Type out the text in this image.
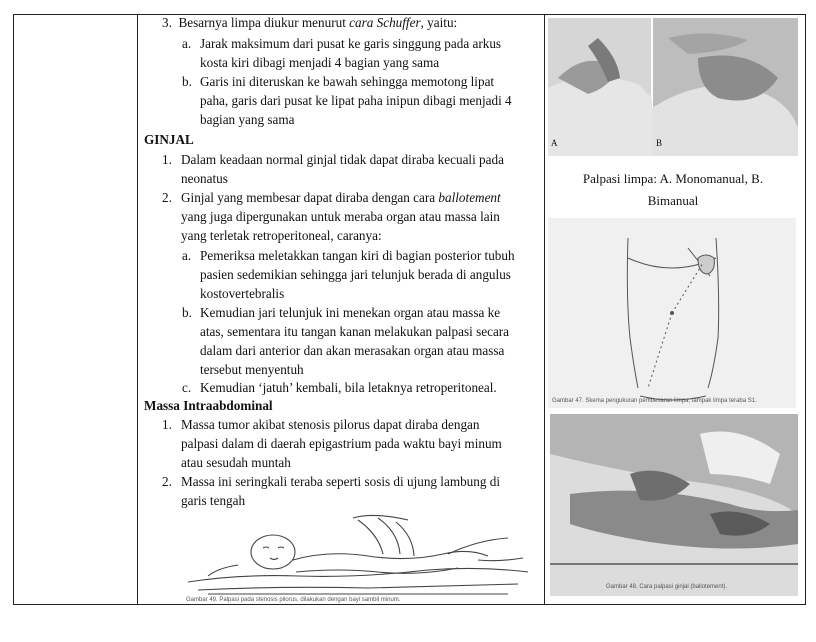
3. Besarnya limpa diukur menurut cara Schuffer, yaitu:
a. Jarak maksimum dari pusat ke garis singgung pada arkus
kosta kiri dibagi menjadi 4 bagian yang sama
b. Garis ini diteruskan ke bawah sehingga memotong lipat
paha, garis dari pusat ke lipat paha inipun dibagi menjadi 4
bagian yang sama
GINJAL
1. Dalam keadaan normal ginjal tidak dapat diraba kecuali pada
neonatus
2. Ginjal yang membesar dapat diraba dengan cara ballotement
yang juga dipergunakan untuk meraba organ atau massa lain
yang terletak retroperitoneal, caranya:
a. Pemeriksa meletakkan tangan kiri di bagian posterior tubuh
pasien sedemikian sehingga jari telunjuk berada di angulus
kostovertebralis
b. Kemudian jari telunjuk ini menekan organ atau massa ke
atas, sementara itu tangan kanan melakukan palpasi secara
dalam dari anterior dan akan merasakan organ atau massa
tersebut menyentuh
c. Kemudian ‘jatuh’ kembali, bila letaknya retroperitoneal.
Massa Intraabdominal
1. Massa tumor akibat stenosis pilorus dapat diraba dengan
palpasi dalam di daerah epigastrium pada waktu bayi minum
atau sesudah muntah
2. Massa ini seringkali teraba seperti sosis di ujung lambung di
garis tengah
Gambar 49. Palpasi pada stenosis pilorus, dilakukan dengan bayi sambil minum.
A	B
Palpasi limpa: A. Monomanual, B.
Bimanual
Gambar 47. Skema pengukuran pembesaran limpa; tampak limpa teraba S1.
Gambar 48. Cara palpasi ginjal (ballotement).
